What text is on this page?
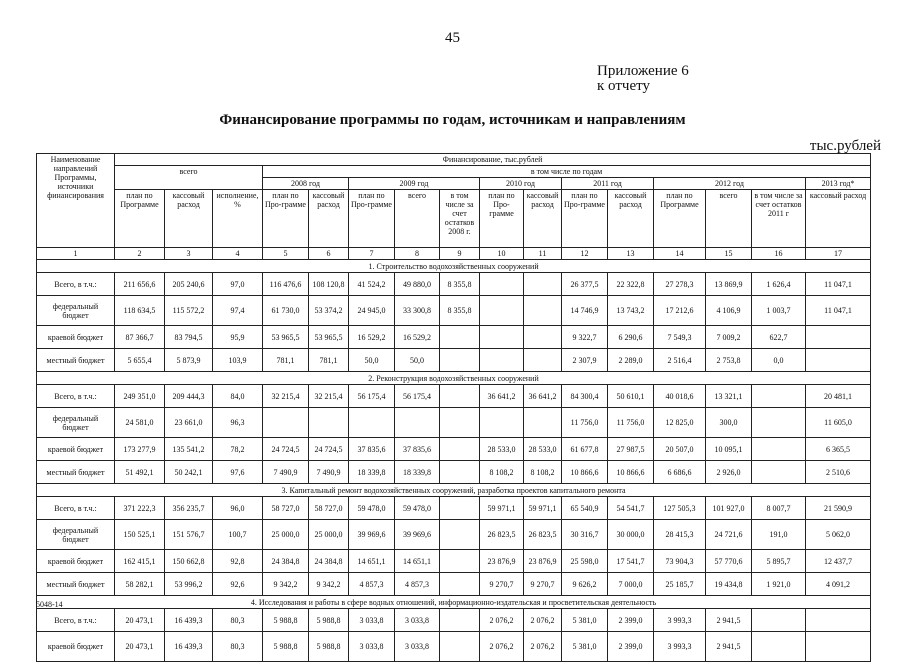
45
Приложение 6
к отчету
Финансирование программы по годам, источникам и направлениям
тыс.рублей
Наименование направлений Программы, источники финансирования	Финансирование, тыс.рублей															
	всего			в том числе по годам												
				2008 год		2009 год			2010 год		2011 год		2012 год			2013 год*
	план по Программе	кассовый расход	исполнение, %	план по Про-грамме	кассовый расход	план по Про-грамме	всего	в том числе за счет остатков 2008 г.	план по Про-грамме	кассовый расход	план по Про-грамме	кассовый расход	план по Программе	всего	в том числе за счет остатков 2011 г	кассовый расход
1	2	3	4	5	6	7	8	9	10	11	12	13	14	15	16	17
1. Строительство водохозяйственных сооружений																
Всего, в т.ч.:	211 656,6	205 240,6	97,0	116 476,6	108 120,8	41 524,2	49 880,0	8 355,8			26 377,5	22 322,8	27 278,3	13 869,9	1 626,4	11 047,1
федеральный бюджет	118 634,5	115 572,2	97,4	61 730,0	53 374,2	24 945,0	33 300,8	8 355,8			14 746,9	13 743,2	17 212,6	4 106,9	1 003,7	11 047,1
краевой бюджет	87 366,7	83 794,5	95,9	53 965,5	53 965,5	16 529,2	16 529,2				9 322,7	6 290,6	7 549,3	7 009,2	622,7	
местный бюджет	5 655,4	5 873,9	103,9	781,1	781,1	50,0	50,0				2 307,9	2 289,0	2 516,4	2 753,8	0,0	
2. Реконструкция водохозяйственных сооружений																
Всего, в т.ч.:	249 351,0	209 444,3	84,0	32 215,4	32 215,4	56 175,4	56 175,4		36 641,2	36 641,2	84 300,4	50 610,1	40 018,6	13 321,1		20 481,1
федеральный бюджет	24 581,0	23 661,0	96,3								11 756,0	11 756,0	12 825,0	300,0		11 605,0
краевой бюджет	173 277,9	135 541,2	78,2	24 724,5	24 724,5	37 835,6	37 835,6		28 533,0	28 533,0	61 677,8	27 987,5	20 507,0	10 095,1		6 365,5
местный бюджет	51 492,1	50 242,1	97,6	7 490,9	7 490,9	18 339,8	18 339,8		8 108,2	8 108,2	10 866,6	10 866,6	6 686,6	2 926,0		2 510,6
3. Капитальный ремонт водохозяйственных сооружений, разработка проектов капитального ремонта																
Всего, в т.ч.:	371 222,3	356 235,7	96,0	58 727,0	58 727,0	59 478,0	59 478,0		59 971,1	59 971,1	65 540,9	54 541,7	127 505,3	101 927,0	8 007,7	21 590,9
федеральный бюджет	150 525,1	151 576,7	100,7	25 000,0	25 000,0	39 969,6	39 969,6		26 823,5	26 823,5	30 316,7	30 000,0	28 415,3	24 721,6	191,0	5 062,0
краевой бюджет	162 415,1	150 662,8	92,8	24 384,8	24 384,8	14 651,1	14 651,1		23 876,9	23 876,9	25 598,0	17 541,7	73 904,3	57 770,6	5 895,7	12 437,7
местный бюджет	58 282,1	53 996,2	92,6	9 342,2	9 342,2	4 857,3	4 857,3		9 270,7	9 270,7	9 626,2	7 000,0	25 185,7	19 434,8	1 921,0	4 091,2
4. Исследования и работы в сфере водных отношений, информационно-издательская и просветительская деятельность																
Всего, в т.ч.:	20 473,1	16 439,3	80,3	5 988,8	5 988,8	3 033,8	3 033,8		2 076,2	2 076,2	5 381,0	2 399,0	3 993,3	2 941,5		
краевой бюджет	20 473,1	16 439,3	80,3	5 988,8	5 988,8	3 033,8	3 033,8		2 076,2	2 076,2	5 381,0	2 399,0	3 993,3	2 941,5		
5048-14
